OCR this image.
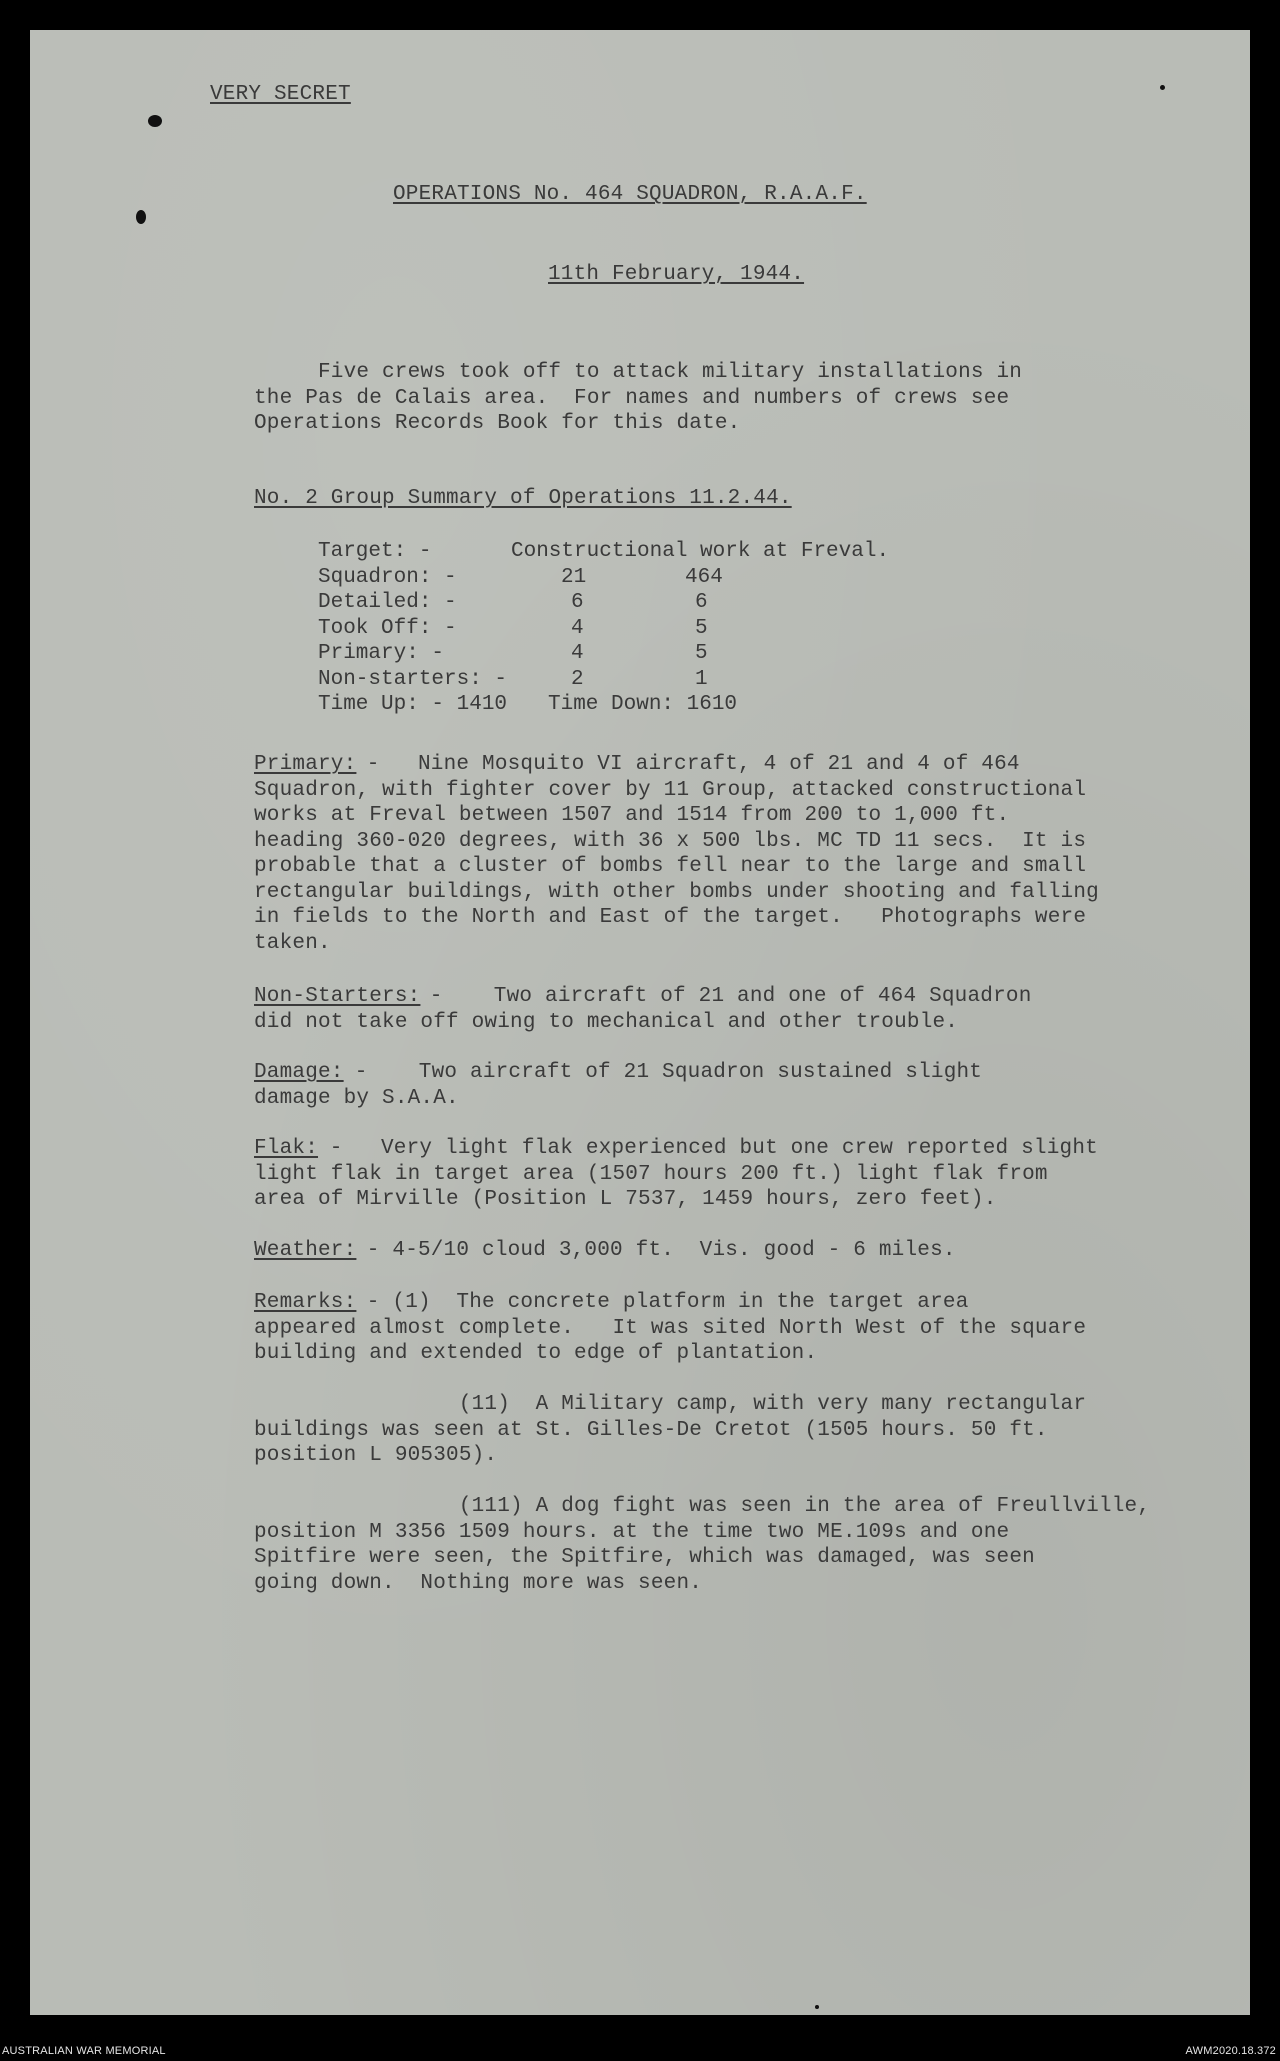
VERY SECRET
OPERATIONS No. 464 SQUADRON, R.A.A.F.
11th February, 1944.
Five crews took off to attack military installations in
the Pas de Calais area.  For names and numbers of crews see
Operations Records Book for this date.
No. 2 Group Summary of Operations 11.2.44.
Target: -	Constructional work at Freval.
Squadron: -	21	464
Detailed: -	6	6
Took Off: -	4	5
Primary: -	4	5
Non-starters: -	2	1
Time Up: - 1410 Time Down: 1610
Primary:
-   Nine Mosquito VI aircraft, 4 of 21 and 4 of 464
Squadron, with fighter cover by 11 Group, attacked constructional
works at Freval between 1507 and 1514 from 200 to 1,000 ft.
heading 360-020 degrees, with 36 x 500 lbs. MC TD 11 secs.  It is
probable that a cluster of bombs fell near to the large and small
rectangular buildings, with other bombs under shooting and falling
in fields to the North and East of the target.   Photographs were
taken.
Non-Starters:
-    Two aircraft of 21 and one of 464 Squadron
did not take off owing to mechanical and other trouble.
Damage:
-    Two aircraft of 21 Squadron sustained slight
damage by S.A.A.
Flak:
-   Very light flak experienced but one crew reported slight
light flak in target area (1507 hours 200 ft.) light flak from
area of Mirville (Position L 7537, 1459 hours, zero feet).
Weather:
- 4-5/10 cloud 3,000 ft.  Vis. good - 6 miles.
Remarks:
- (1)  The concrete platform in the target area
appeared almost complete.   It was sited North West of the square
building and extended to edge of plantation.
(11)  A Military camp, with very many rectangular
buildings was seen at St. Gilles-De Cretot (1505 hours. 50 ft.
position L 905305).
(111) A dog fight was seen in the area of Freullville,
position M 3356 1509 hours. at the time two ME.109s and one
Spitfire were seen, the Spitfire, which was damaged, was seen
going down.  Nothing more was seen.
AUSTRALIAN WAR MEMORIAL	AWM2020.18.372
